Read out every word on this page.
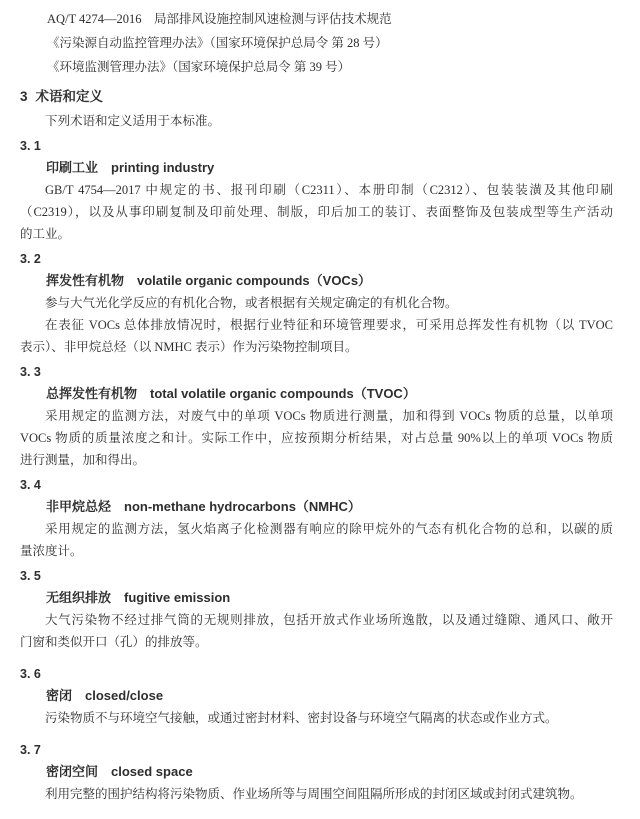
AQ/T 4274—2016　局部排风设施控制风速检测与评估技术规范
《污染源自动监控管理办法》（国家环境保护总局令 第 28 号）
《环境监测管理办法》（国家环境保护总局令 第 39 号）
3 术语和定义
下列术语和定义适用于本标准。
3. 1
印刷工业 printing industry
GB/T 4754—2017 中规定的书、报刊印刷（C2311）、本册印制（C2312）、包装装潢及其他印刷
（C2319），以及从事印刷复制及印前处理、制版，印后加工的装订、表面整饰及包装成型等生产活动
的工业。
3. 2
挥发性有机物 volatile organic compounds（VOCs）
参与大气光化学反应的有机化合物，或者根据有关规定确定的有机化合物。
在表征 VOCs 总体排放情况时，根据行业特征和环境管理要求，可采用总挥发性有机物（以 TVOC
表示）、非甲烷总烃（以 NMHC 表示）作为污染物控制项目。
3. 3
总挥发性有机物 total volatile organic compounds（TVOC）
采用规定的监测方法，对废气中的单项 VOCs 物质进行测量，加和得到 VOCs 物质的总量，以单项
VOCs 物质的质量浓度之和计。实际工作中，应按预期分析结果，对占总量 90%以上的单项 VOCs 物质
进行测量，加和得出。
3. 4
非甲烷总烃 non-methane hydrocarbons（NMHC）
采用规定的监测方法，氢火焰离子化检测器有响应的除甲烷外的气态有机化合物的总和，以碳的质
量浓度计。
3. 5
无组织排放 fugitive emission
大气污染物不经过排气筒的无规则排放，包括开放式作业场所逸散，以及通过缝隙、通风口、敞开
门窗和类似开口（孔）的排放等。
3. 6
密闭 closed/close
污染物质不与环境空气接触，或通过密封材料、密封设备与环境空气隔离的状态或作业方式。
3. 7
密闭空间 closed space
利用完整的围护结构将污染物质、作业场所等与周围空间阻隔所形成的封闭区域或封闭式建筑物。
